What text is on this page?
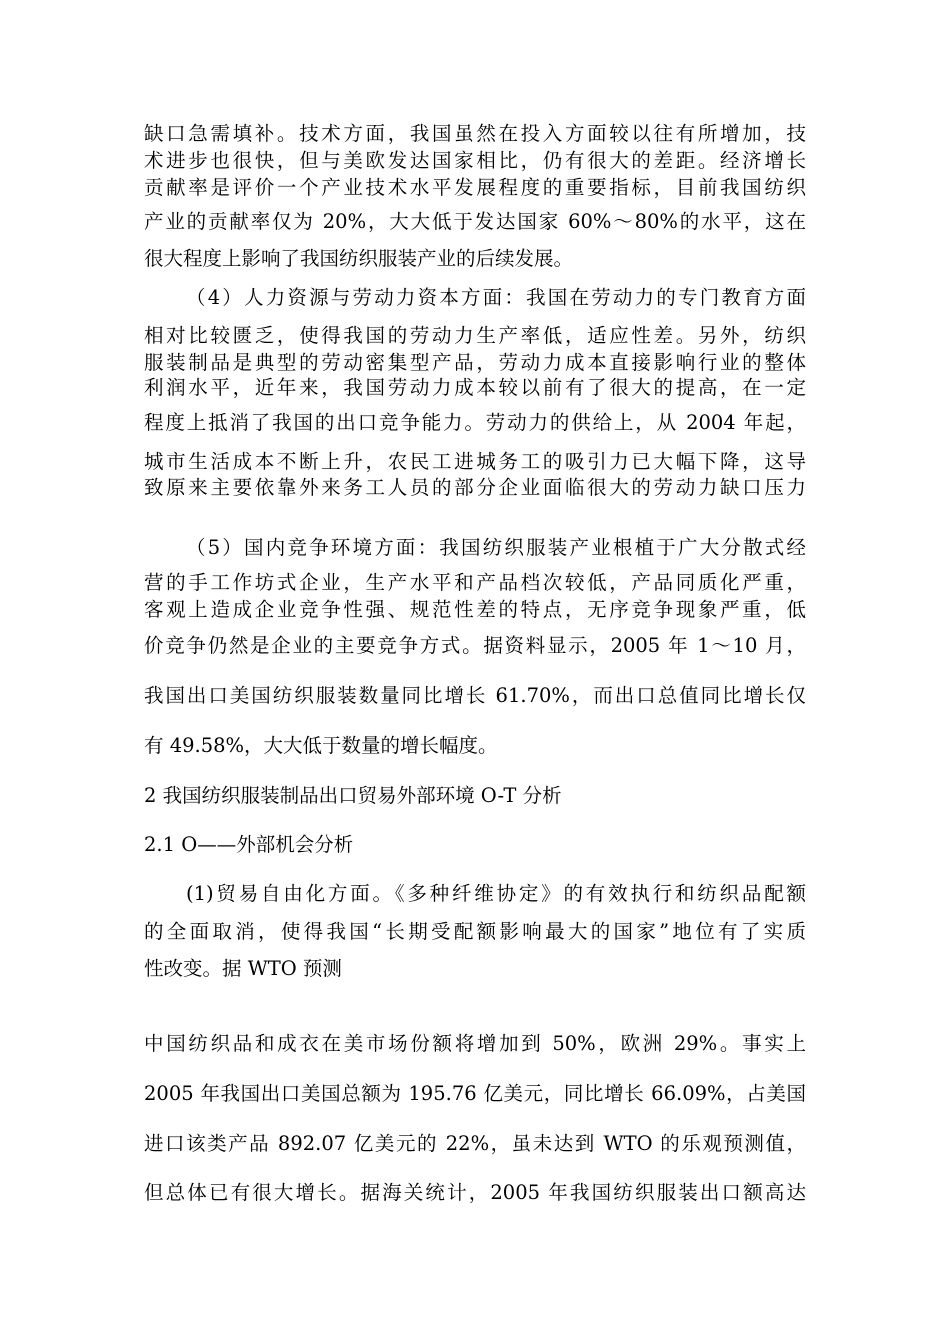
缺口急需填补。技术方面，我国虽然在投入方面较以往有所增加，技
术进步也很快，但与美欧发达国家相比，仍有很大的差距。经济增长
贡献率是评价一个产业技术水平发展程度的重要指标，目前我国纺织
产业的贡献率仅为 20%，大大低于发达国家 60%～80%的水平，这在
很大程度上影响了我国纺织服装产业的后续发展。
（4）人力资源与劳动力资本方面：我国在劳动力的专门教育方面
相对比较匮乏，使得我国的劳动力生产率低，适应性差。另外，纺织
服装制品是典型的劳动密集型产品，劳动力成本直接影响行业的整体
利润水平，近年来，我国劳动力成本较以前有了很大的提高，在一定
程度上抵消了我国的出口竞争能力。劳动力的供给上，从 2004 年起，
城市生活成本不断上升，农民工进城务工的吸引力已大幅下降，这导
致原来主要依靠外来务工人员的部分企业面临很大的劳动力缺口压力
（5）国内竞争环境方面：我国纺织服装产业根植于广大分散式经
营的手工作坊式企业，生产水平和产品档次较低，产品同质化严重，
客观上造成企业竞争性强、规范性差的特点，无序竞争现象严重，低
价竞争仍然是企业的主要竞争方式。据资料显示，2005 年 1～10 月，
我国出口美国纺织服装数量同比增长 61.70%，而出口总值同比增长仅
有 49.58%，大大低于数量的增长幅度。
2 我国纺织服装制品出口贸易外部环境 O-T 分析
2.1 O——外部机会分析
(1)贸易自由化方面。《多种纤维协定》的有效执行和纺织品配额
的全面取消，使得我国“长期受配额影响最大的国家”地位有了实质
性改变。据 WTO 预测
中国纺织品和成衣在美市场份额将增加到 50%，欧洲 29%。事实上
2005 年我国出口美国总额为 195.76 亿美元，同比增长 66.09%，占美国
进口该类产品 892.07 亿美元的 22%，虽未达到 WTO 的乐观预测值，
但总体已有很大增长。据海关统计，2005 年我国纺织服装出口额高达
